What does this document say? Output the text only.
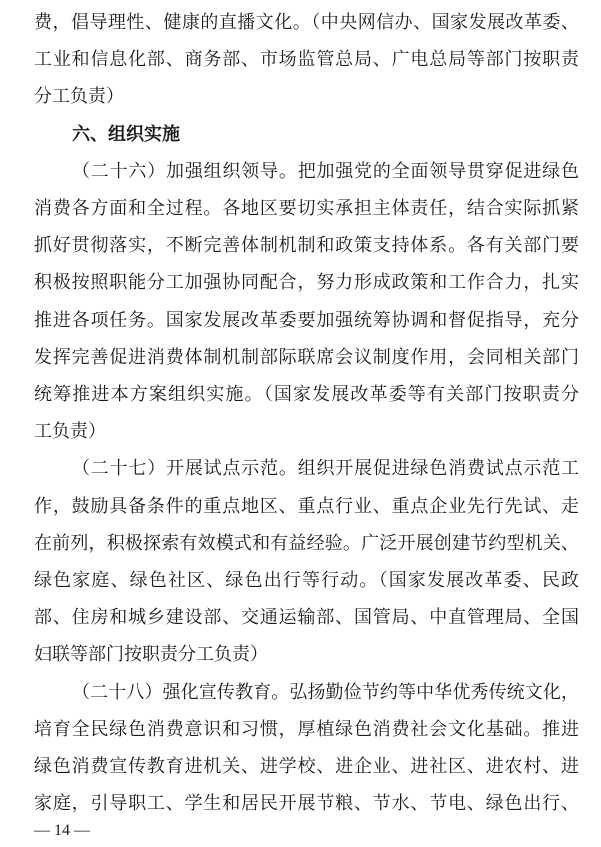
费，倡导理性、健康的直播文化。（中央网信办、国家发展改革委、
工业和信息化部、商务部、市场监管总局、广电总局等部门按职责
分工负责）
六、组织实施
（二十六）加强组织领导。把加强党的全面领导贯穿促进绿色
消费各方面和全过程。各地区要切实承担主体责任，结合实际抓紧
抓好贯彻落实，不断完善体制机制和政策支持体系。各有关部门要
积极按照职能分工加强协同配合，努力形成政策和工作合力，扎实
推进各项任务。国家发展改革委要加强统筹协调和督促指导，充分
发挥完善促进消费体制机制部际联席会议制度作用，会同相关部门
统筹推进本方案组织实施。（国家发展改革委等有关部门按职责分
工负责）
（二十七）开展试点示范。组织开展促进绿色消费试点示范工
作，鼓励具备条件的重点地区、重点行业、重点企业先行先试、走
在前列，积极探索有效模式和有益经验。广泛开展创建节约型机关、
绿色家庭、绿色社区、绿色出行等行动。（国家发展改革委、民政
部、住房和城乡建设部、交通运输部、国管局、中直管理局、全国
妇联等部门按职责分工负责）
（二十八）强化宣传教育。弘扬勤俭节约等中华优秀传统文化，
培育全民绿色消费意识和习惯，厚植绿色消费社会文化基础。推进
绿色消费宣传教育进机关、进学校、进企业、进社区、进农村、进
家庭，引导职工、学生和居民开展节粮、节水、节电、绿色出行、
— 14 —
